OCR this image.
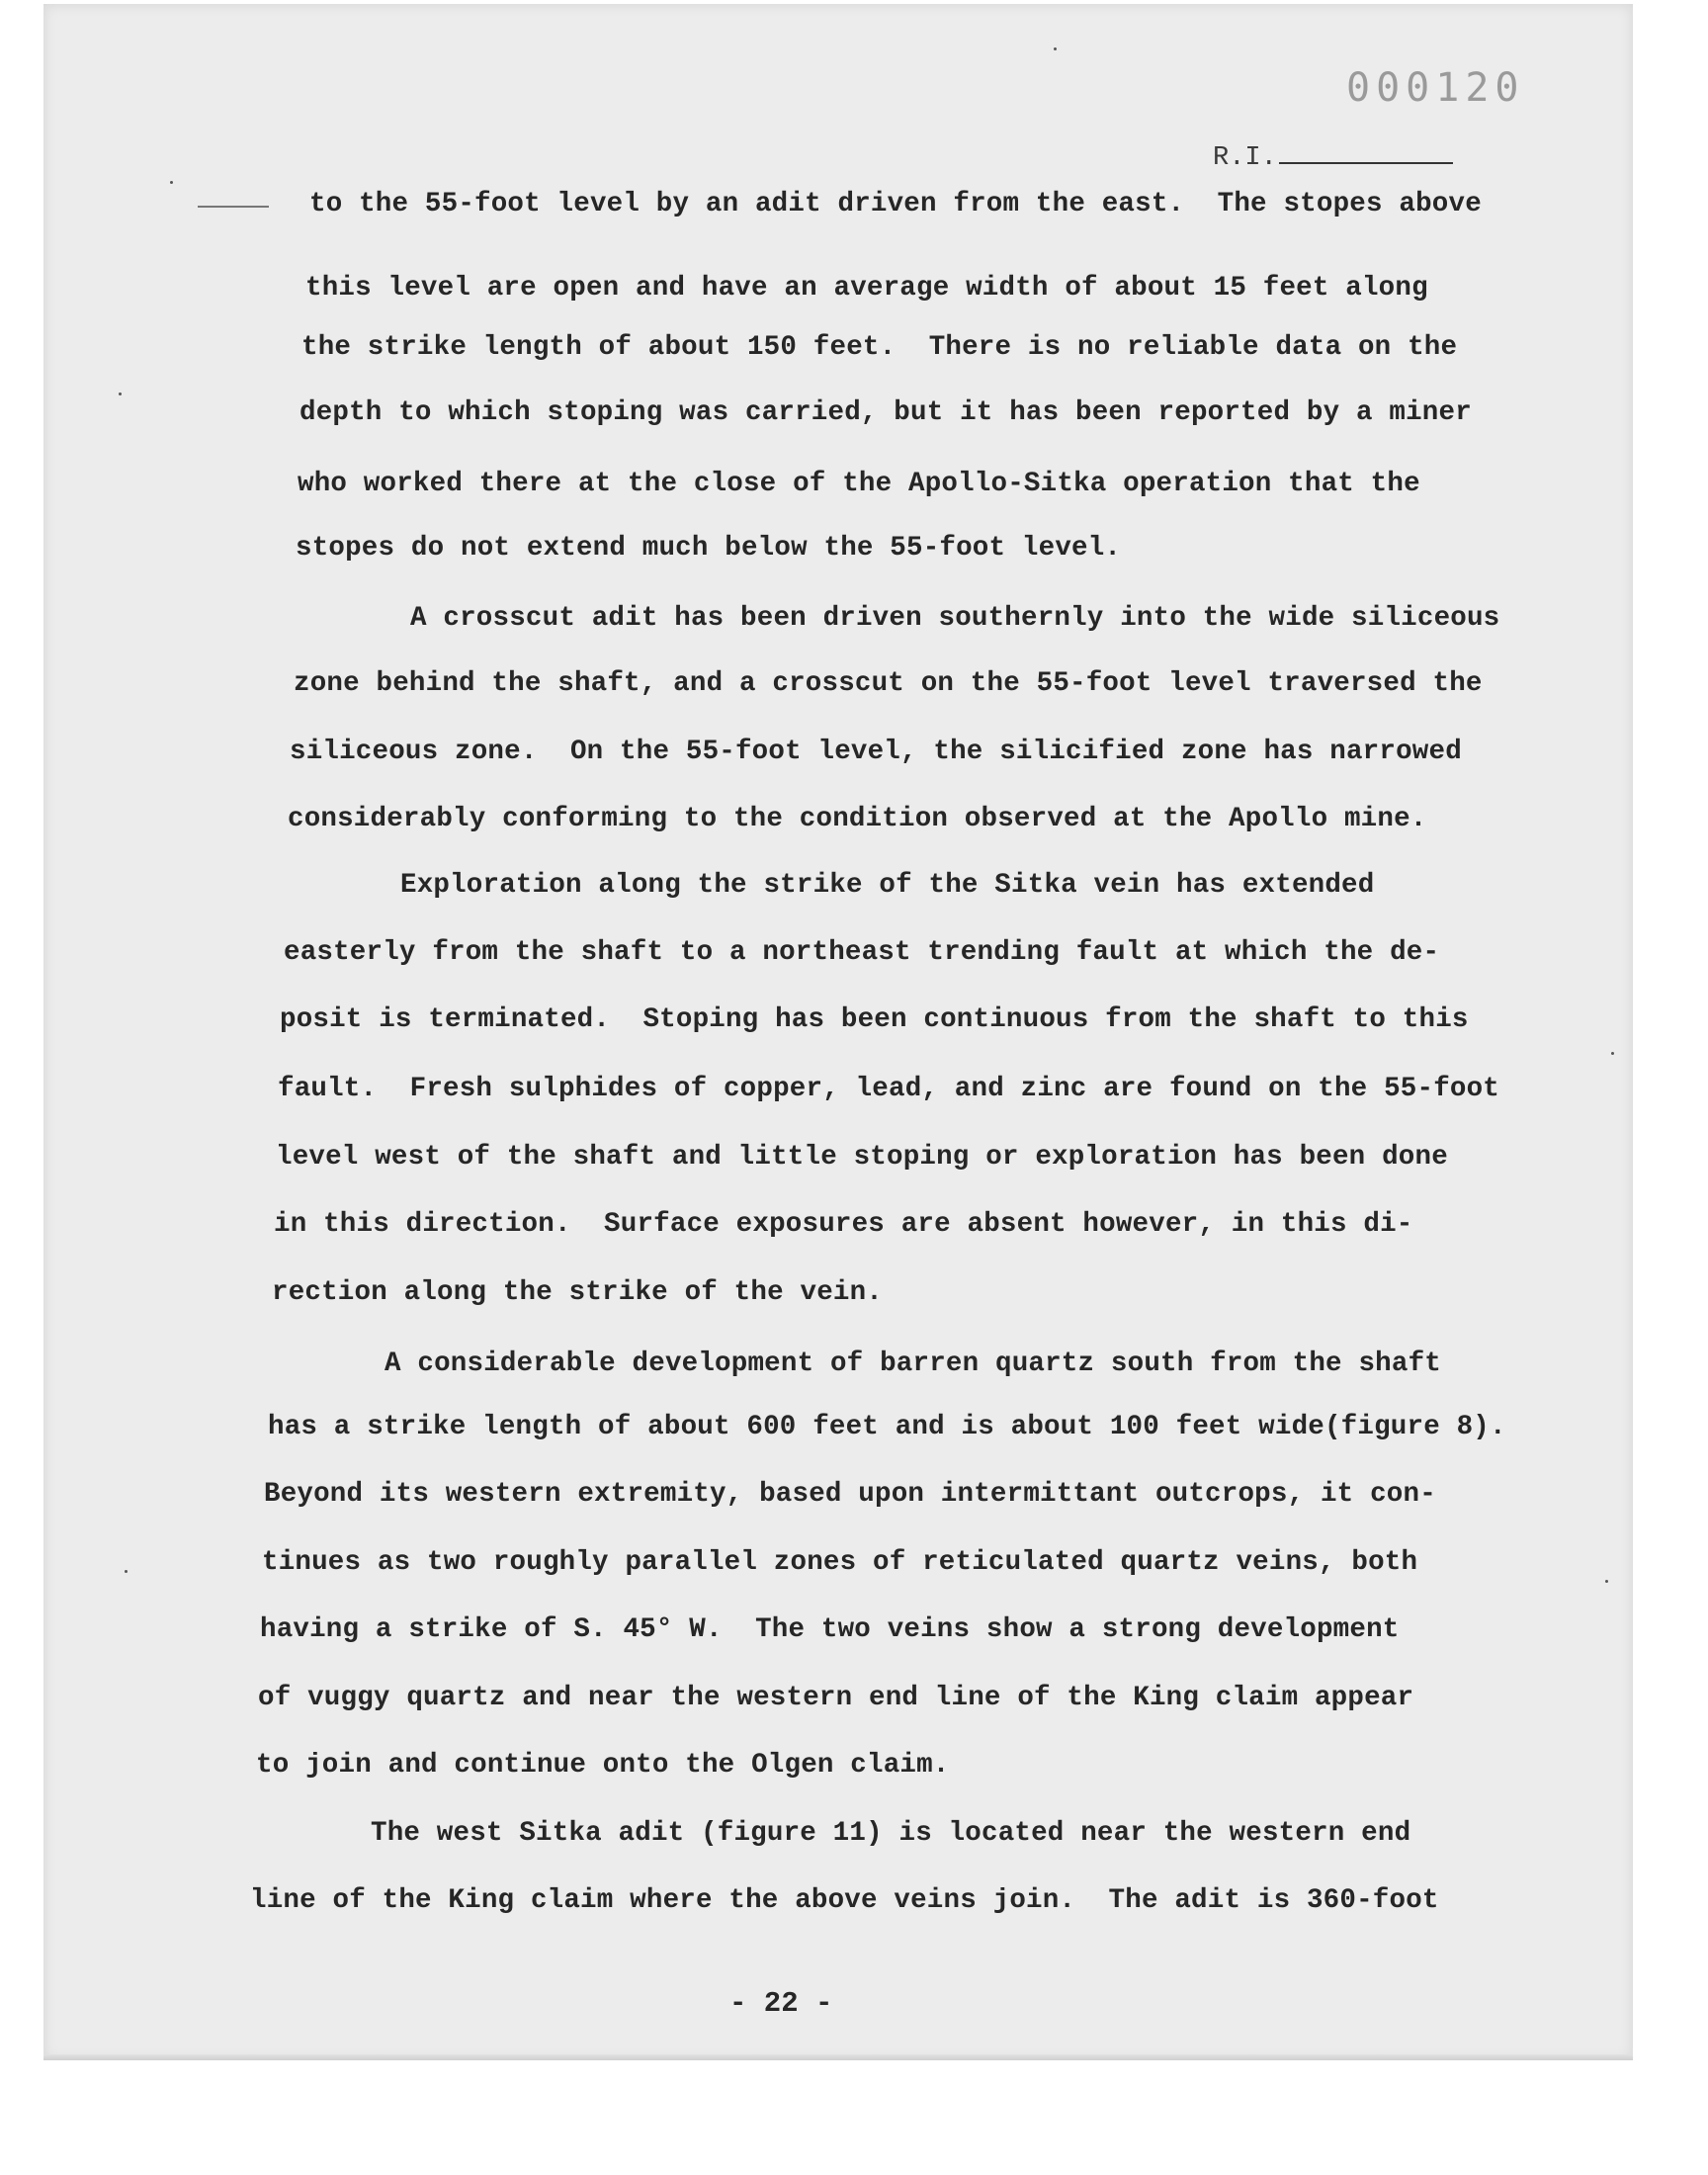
000120
R.I.
to the 55-foot level by an adit driven from the east.  The stopes above
this level are open and have an average width of about 15 feet along
the strike length of about 150 feet.  There is no reliable data on the
depth to which stoping was carried, but it has been reported by a miner
who worked there at the close of the Apollo-Sitka operation that the
stopes do not extend much below the 55-foot level.
A crosscut adit has been driven southernly into the wide siliceous
zone behind the shaft, and a crosscut on the 55-foot level traversed the
siliceous zone.  On the 55-foot level, the silicified zone has narrowed
considerably conforming to the condition observed at the Apollo mine.
Exploration along the strike of the Sitka vein has extended
easterly from the shaft to a northeast trending fault at which the de-
posit is terminated.  Stoping has been continuous from the shaft to this
fault.  Fresh sulphides of copper, lead, and zinc are found on the 55-foot
level west of the shaft and little stoping or exploration has been done
in this direction.  Surface exposures are absent however, in this di-
rection along the strike of the vein.
A considerable development of barren quartz south from the shaft
has a strike length of about 600 feet and is about 100 feet wide(figure 8).
Beyond its western extremity, based upon intermittant outcrops, it con-
tinues as two roughly parallel zones of reticulated quartz veins, both
having a strike of S. 45° W.  The two veins show a strong development
of vuggy quartz and near the western end line of the King claim appear
to join and continue onto the Olgen claim.
The west Sitka adit (figure 11) is located near the western end
line of the King claim where the above veins join.  The adit is 360-foot
- 22 -
